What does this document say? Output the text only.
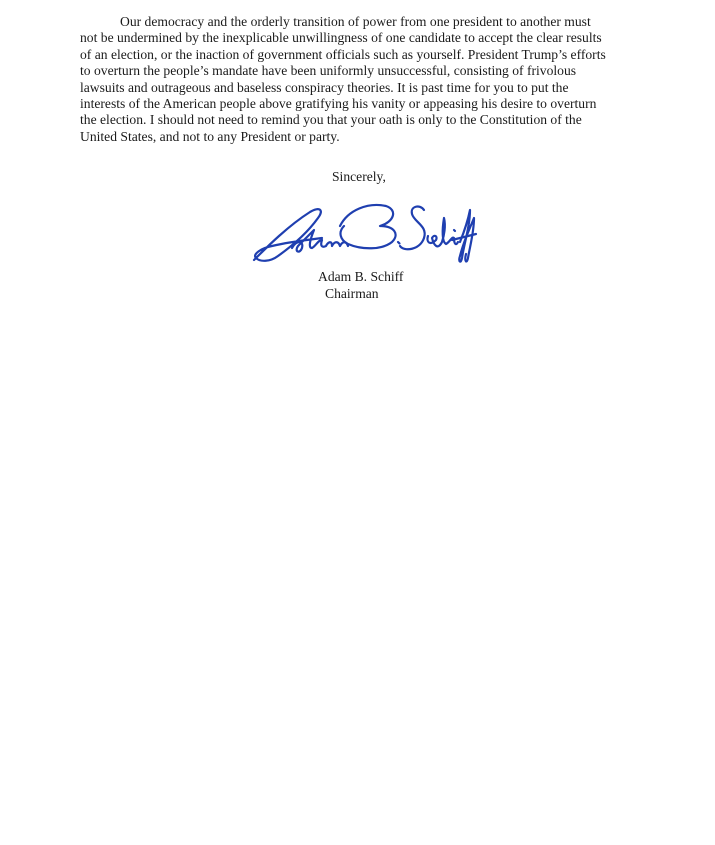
Our democracy and the orderly transition of power from one president to another must
not be undermined by the inexplicable unwillingness of one candidate to accept the clear results
of an election, or the inaction of government officials such as yourself. President Trump’s efforts
to overturn the people’s mandate have been uniformly unsuccessful, consisting of frivolous
lawsuits and outrageous and baseless conspiracy theories. It is past time for you to put the
interests of the American people above gratifying his vanity or appeasing his desire to overturn
the election. I should not need to remind you that your oath is only to the Constitution of the
United States, and not to any President or party.

Sincerely,

Adam B. Schiff

Chairman
